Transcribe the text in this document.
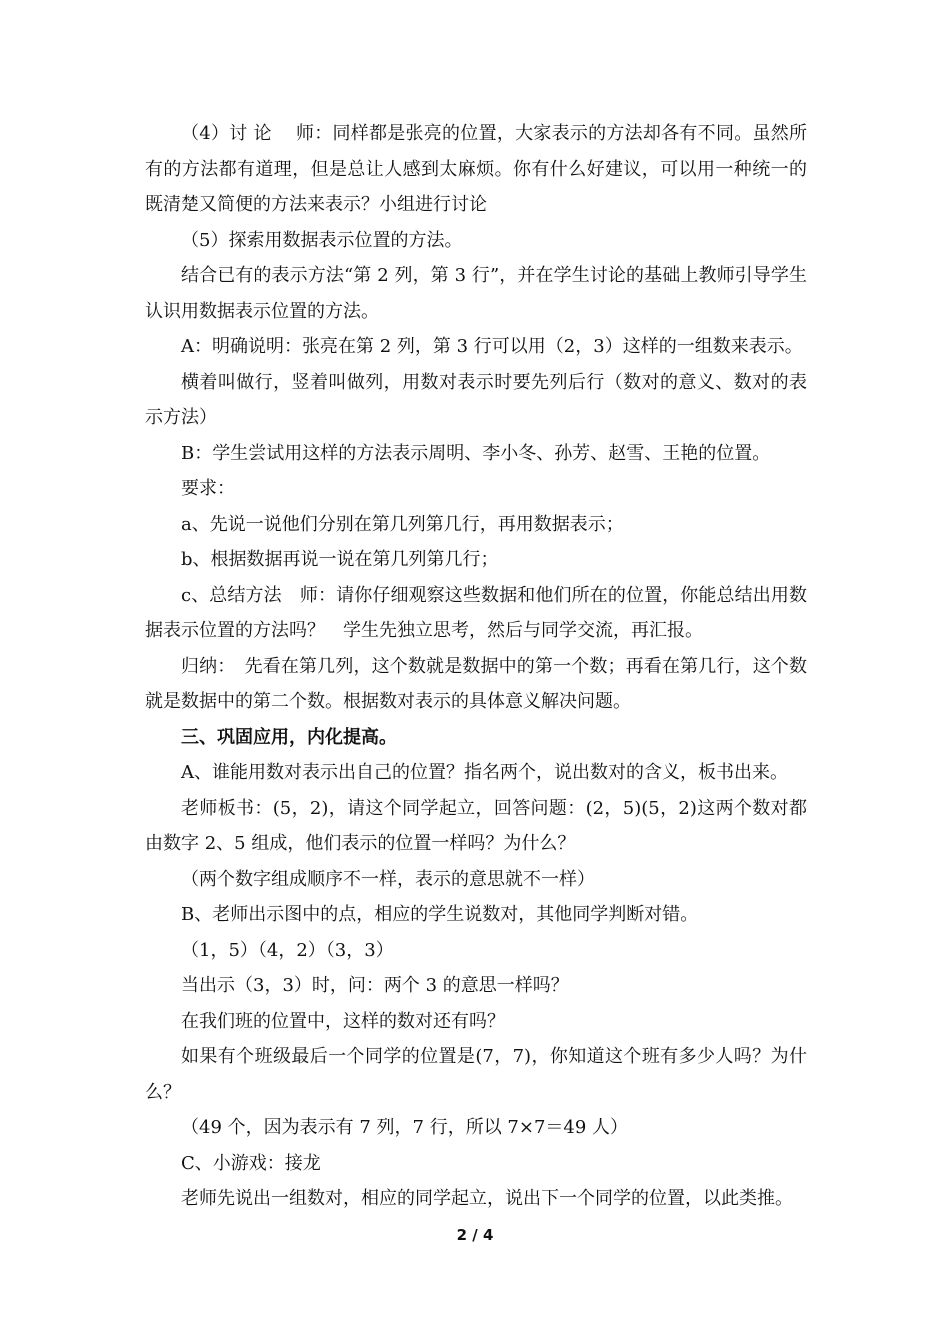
（4）讨 论　 师：同样都是张亮的位置，大家表示的方法却各有不同。虽然所有的方法都有道理，但是总让人感到太麻烦。你有什么好建议，可以用一种统一的既清楚又简便的方法来表示？小组进行讨论

（5）探索用数据表示位置的方法。

结合已有的表示方法“第 2 列，第 3 行”，并在学生讨论的基础上教师引导学生认识用数据表示位置的方法。

A：明确说明：张亮在第 2 列，第 3 行可以用（2，3）这样的一组数来表示。

横着叫做行，竖着叫做列，用数对表示时要先列后行（数对的意义、数对的表示方法）

B：学生尝试用这样的方法表示周明、李小冬、孙芳、赵雪、王艳的位置。

要求：

a、先说一说他们分别在第几列第几行，再用数据表示；

b、根据数据再说一说在第几列第几行；

c、总结方法　师：请你仔细观察这些数据和他们所在的位置，你能总结出用数据表示位置的方法吗？　学生先独立思考，然后与同学交流，再汇报。

归纳：　先看在第几列，这个数就是数据中的第一个数；再看在第几行，这个数就是数据中的第二个数。根据数对表示的具体意义解决问题。

三、巩固应用，内化提高。

A、谁能用数对表示出自己的位置？指名两个，说出数对的含义，板书出来。

老师板书：(5，2)，请这个同学起立，回答问题：(2，5)(5，2)这两个数对都由数字 2、5 组成，他们表示的位置一样吗？为什么？

（两个数字组成顺序不一样，表示的意思就不一样）

B、老师出示图中的点，相应的学生说数对，其他同学判断对错。

（1，5）（4，2）（3，3）

当出示（3，3）时，问：两个 3 的意思一样吗？

在我们班的位置中，这样的数对还有吗？

如果有个班级最后一个同学的位置是(7，7)，你知道这个班有多少人吗？为什么？

（49 个，因为表示有 7 列，7 行，所以 7×7＝49 人）

C、小游戏：接龙

老师先说出一组数对，相应的同学起立，说出下一个同学的位置，以此类推。

2 / 4
